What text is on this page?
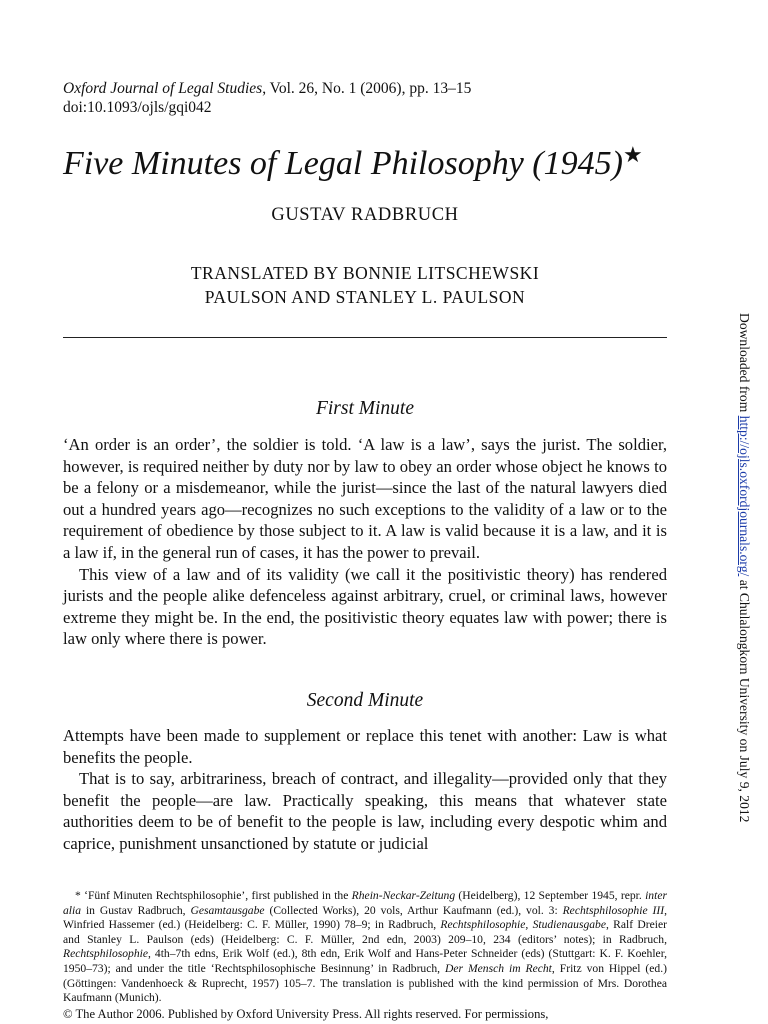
Oxford Journal of Legal Studies, Vol. 26, No. 1 (2006), pp. 13–15
doi:10.1093/ojls/gqi042
Five Minutes of Legal Philosophy (1945)★
GUSTAV RADBRUCH
TRANSLATED BY BONNIE LITSCHEWSKI
PAULSON AND STANLEY L. PAULSON
First Minute

‘An order is an order’, the soldier is told. ‘A law is a law’, says the jurist. The soldier, however, is required neither by duty nor by law to obey an order whose object he knows to be a felony or a misdemeanor, while the jurist—since the last of the natural lawyers died out a hundred years ago—recognizes no such exceptions to the validity of a law or to the requirement of obedience by those subject to it. A law is valid because it is a law, and it is a law if, in the general run of cases, it has the power to prevail.

This view of a law and of its validity (we call it the positivistic theory) has rendered jurists and the people alike defenceless against arbitrary, cruel, or criminal laws, however extreme they might be. In the end, the positivistic theory equates law with power; there is law only where there is power.

Second Minute

Attempts have been made to supplement or replace this tenet with another: Law is what benefits the people.

That is to say, arbitrariness, breach of contract, and illegality—provided only that they benefit the people—are law. Practically speaking, this means that whatever state authorities deem to be of benefit to the people is law, including every despotic whim and caprice, punishment unsanctioned by statute or judicial

* ‘Fünf Minuten Rechtsphilosophie’, first published in the Rhein-Neckar-Zeitung (Heidelberg), 12 September 1945, repr. inter alia in Gustav Radbruch, Gesamtausgabe (Collected Works), 20 vols, Arthur Kaufmann (ed.), vol. 3: Rechtsphilosophie III, Winfried Hassemer (ed.) (Heidelberg: C. F. Müller, 1990) 78–9; in Radbruch, Rechtsphilosophie, Studienausgabe, Ralf Dreier and Stanley L. Paulson (eds) (Heidelberg: C. F. Müller, 2nd edn, 2003) 209–10, 234 (editors’ notes); in Radbruch, Rechtsphilosophie, 4th–7th edns, Erik Wolf (ed.), 8th edn, Erik Wolf and Hans-Peter Schneider (eds) (Stuttgart: K. F. Koehler, 1950–73); and under the title ‘Rechtsphilosophische Besinnung’ in Radbruch, Der Mensch im Recht, Fritz von Hippel (ed.) (Göttingen: Vandenhoeck & Ruprecht, 1957) 105–7. The translation is published with the kind permission of Mrs. Dorothea Kaufmann (Munich).

© The Author 2006. Published by Oxford University Press. All rights reserved. For permissions,
Downloaded from http://ojls.oxfordjournals.org/ at Chulalongkorn University on July 9, 2012
